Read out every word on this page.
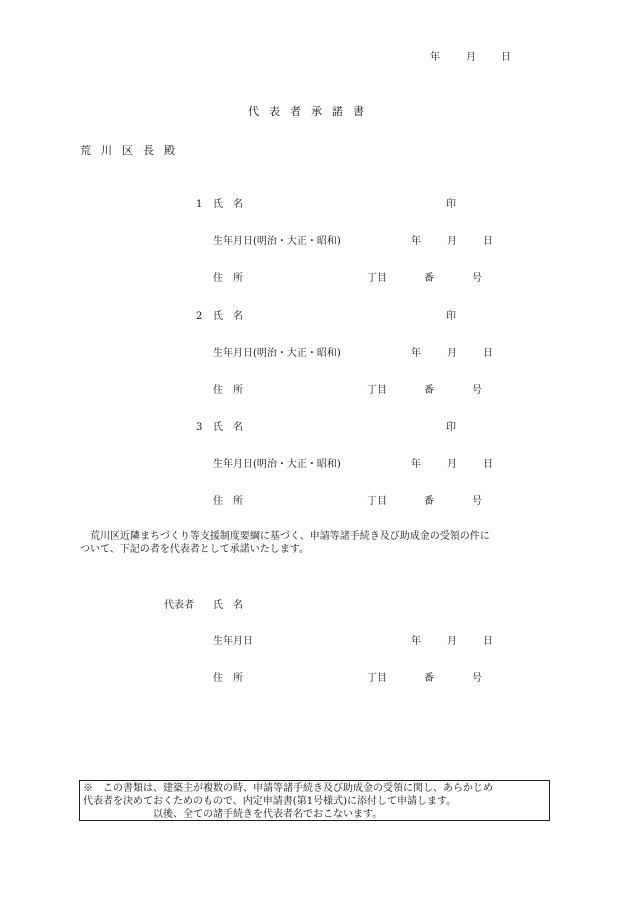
年	月	日
代表者承諾書
荒川区長殿
1 氏　名	印
生年月日(明治・大正・昭和)	年	月	日
住　所	丁目	番	号
2 氏　名	印
生年月日(明治・大正・昭和)	年	月	日
住　所	丁目	番	号
3 氏　名	印
生年月日(明治・大正・昭和)	年	月	日
住　所	丁目	番	号
　荒川区近隣まちづくり等支援制度要綱に基づく、申請等諸手続き及び助成金の受領の件に
ついて、下記の者を代表者として承諾いたします。
代表者 氏　名
生年月日	年	月	日
住　所	丁目	番	号
※　この書類は、建築主が複数の時、申請等諸手続き及び助成金の受領に関し、あらかじめ
代表者を決めておくためのもので、内定申請書(第1号様式)に添付して申請します。
　　　　　　　以後、全ての諸手続きを代表者名でおこないます。
